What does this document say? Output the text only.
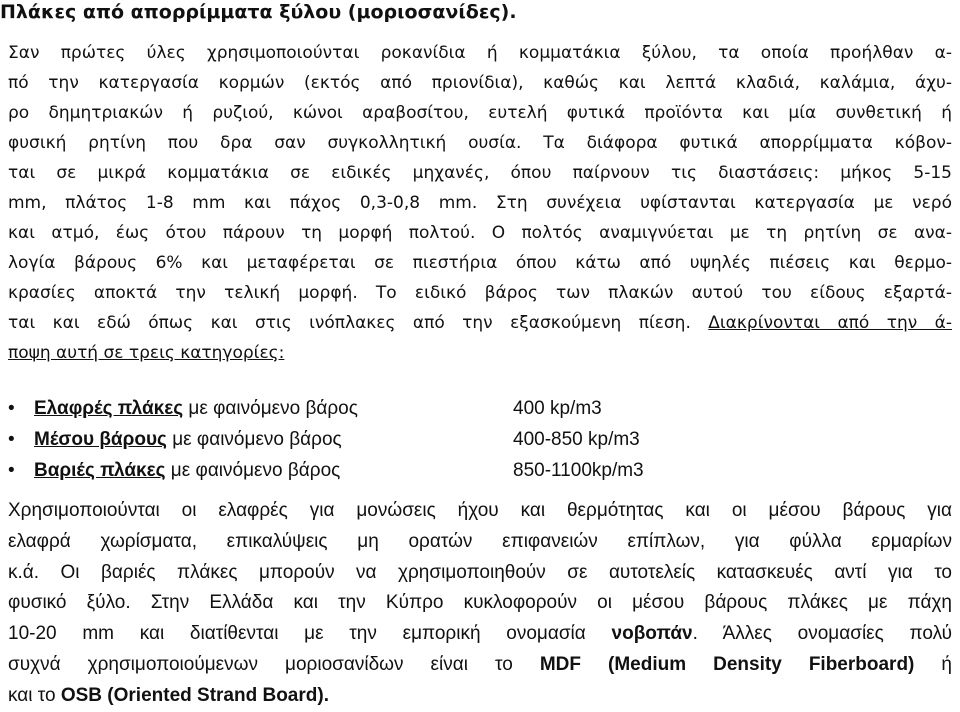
Πλάκες από απορρίμματα ξύλου (μοριοσανίδες).
Σαν πρώτες ύλες χρησιμοποιούνται ροκανίδια ή κομματάκια ξύλου, τα οποία προήλθαν α-
πό την κατεργασία κορμών (εκτός από πριονίδια), καθώς και λεπτά κλαδιά, καλάμια, άχυ-
ρο δημητριακών ή ρυζιού, κώνοι αραβοσίτου, ευτελή φυτικά προϊόντα και μία συνθετική ή
φυσική ρητίνη που δρα σαν συγκολλητική ουσία. Τα διάφορα φυτικά απορρίμματα κόβον-
ται σε μικρά κομματάκια σε ειδικές μηχανές, όπου παίρνουν τις διαστάσεις: μήκος 5-15
mm, πλάτος 1-8 mm και πάχος 0,3-0,8 mm. Στη συνέχεια υφίστανται κατεργασία με νερό
και ατμό, έως ότου πάρουν τη μορφή πολτού. Ο πολτός αναμιγνύεται με τη ρητίνη σε ανα-
λογία βάρους 6% και μεταφέρεται σε πιεστήρια όπου κάτω από υψηλές πιέσεις και θερμο-
κρασίες αποκτά την τελική μορφή. Το ειδικό βάρος των πλακών αυτού του είδους εξαρτά-
ται και εδώ όπως και στις ινόπλακες από την εξασκούμενη πίεση. Διακρίνονται από την ά-
ποψη αυτή σε τρεις κατηγορίες:
• Ελαφρές πλάκες με φαινόμενο βάρος	400 kp/m3
• Μέσου βάρους με φαινόμενο βάρος	400-850 kp/m3
• Βαριές πλάκες με φαινόμενο βάρος	850-1100kp/m3
Χρησιμοποιούνται οι ελαφρές για μονώσεις ήχου και θερμότητας και οι μέσου βάρους για
ελαφρά χωρίσματα, επικαλύψεις μη ορατών επιφανειών επίπλων, για φύλλα ερμαρίων
κ.ά. Οι βαριές πλάκες μπορούν να χρησιμοποιηθούν σε αυτοτελείς κατασκευές αντί για το
φυσικό ξύλο. Στην Ελλάδα και την Κύπρο κυκλοφορούν οι μέσου βάρους πλάκες με πάχη
10-20 mm και διατίθενται με την εμπορική ονομασία νοβοπάν. Άλλες ονομασίες πολύ
συχνά χρησιμοποιούμενων μοριοσανίδων είναι το MDF (Medium Density Fiberboard) ή
και το OSB (Oriented Strand Board).
